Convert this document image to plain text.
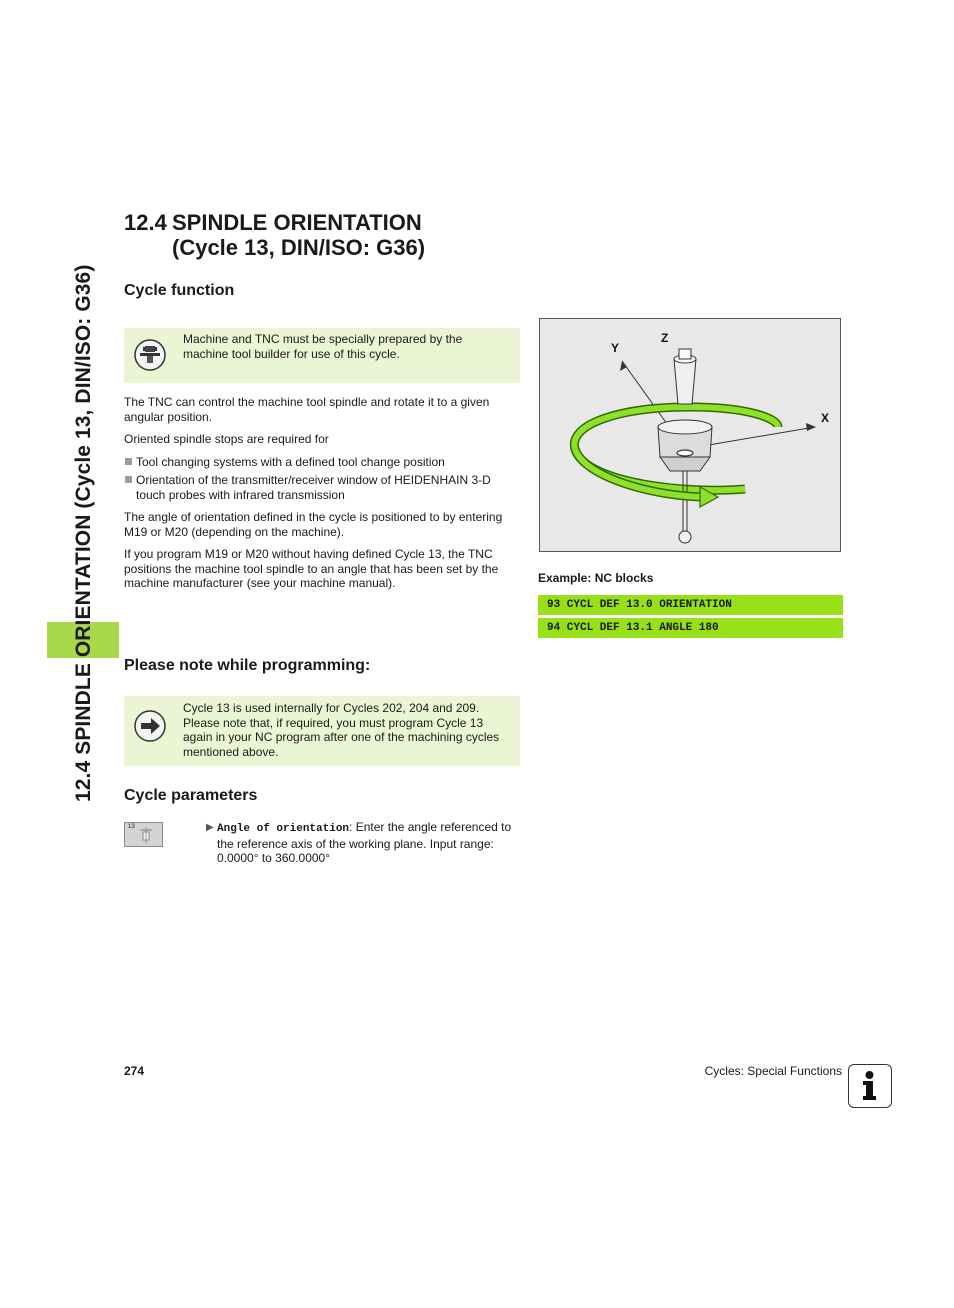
12.4 SPINDLE ORIENTATION (Cycle 13, DIN/ISO: G36)
12.4 SPINDLE ORIENTATION
(Cycle 13, DIN/ISO: G36)
Cycle function
Machine and TNC must be specially prepared by the machine tool builder for use of this cycle.
The TNC can control the machine tool spindle and rotate it to a given angular position.
Oriented spindle stops are required for
Tool changing systems with a defined tool change position
Orientation of the transmitter/receiver window of HEIDENHAIN 3-D touch probes with infrared transmission
The angle of orientation defined in the cycle is positioned to by entering M19 or M20 (depending on the machine).
If you program M19 or M20 without having defined Cycle 13, the TNC positions the machine tool spindle to an angle that has been set by the machine manufacturer (see your machine manual).
Z
Y
X
Example: NC blocks
93 CYCL DEF 13.0 ORIENTATION
94 CYCL DEF 13.1 ANGLE 180
Please note while programming:
Cycle 13 is used internally for Cycles 202, 204 and 209. Please note that, if required, you must program Cycle 13 again in your NC program after one of the machining cycles mentioned above.
Cycle parameters
13	▶ Angle of orientation: Enter the angle referenced to the reference axis of the working plane. Input range: 0.0000° to 360.0000°
274	Cycles: Special Functions
